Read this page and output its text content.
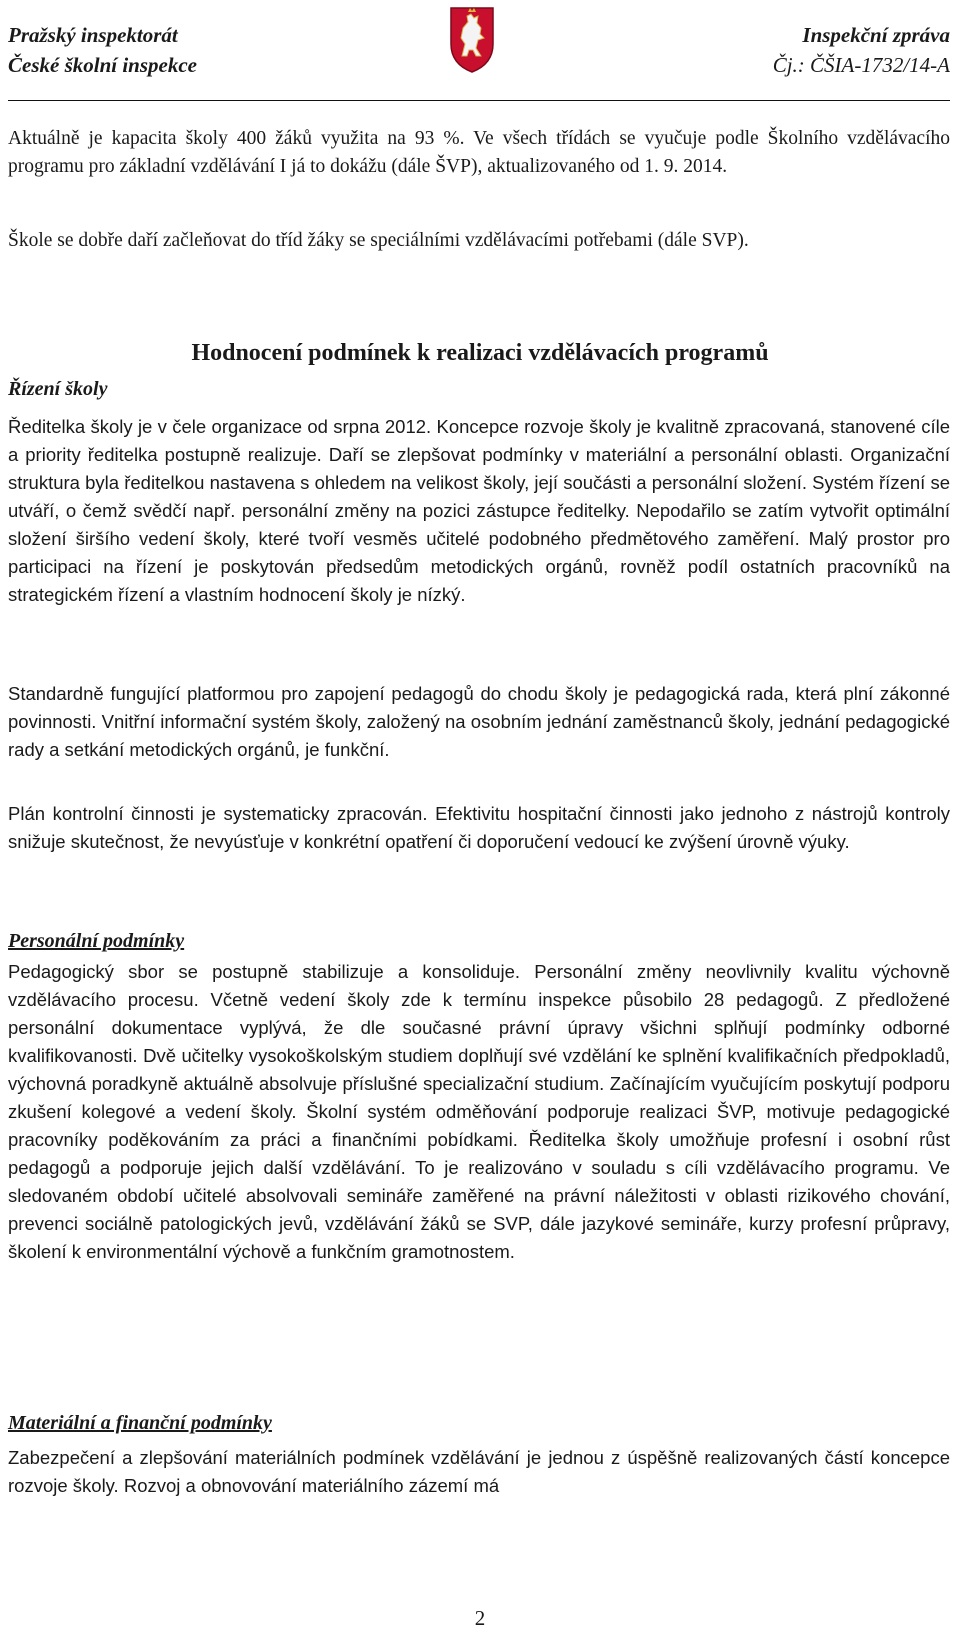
Pražský inspektorát
České školní inspekce
Inspekční zpráva
Čj.: ČŠIA-1732/14-A

Aktuálně je kapacita školy 400 žáků využita na 93 %. Ve všech třídách se vyučuje podle Školního vzdělávacího programu pro základní vzdělávání I já to dokážu (dále ŠVP), aktualizovaného od 1. 9. 2014.

Škole se dobře daří začleňovat do tříd žáky se speciálními vzdělávacími potřebami (dále SVP).

Hodnocení podmínek k realizaci vzdělávacích programů
Řízení školy

Ředitelka školy je v čele organizace od srpna 2012. Koncepce rozvoje školy je kvalitně zpracovaná, stanovené cíle a priority ředitelka postupně realizuje. Daří se zlepšovat podmínky v materiální a personální oblasti. Organizační struktura byla ředitelkou nastavena s ohledem na velikost školy, její součásti a personální složení. Systém řízení se utváří, o čemž svědčí např. personální změny na pozici zástupce ředitelky. Nepodařilo se zatím vytvořit optimální složení širšího vedení školy, které tvoří vesměs učitelé podobného předmětového zaměření. Malý prostor pro participaci na řízení je poskytován předsedům metodických orgánů, rovněž podíl ostatních pracovníků na strategickém řízení a vlastním hodnocení školy je nízký.

Standardně fungující platformou pro zapojení pedagogů do chodu školy je pedagogická rada, která plní zákonné povinnosti. Vnitřní informační systém školy, založený na osobním jednání zaměstnanců školy, jednání pedagogické rady a setkání metodických orgánů, je funkční.

Plán kontrolní činnosti je systematicky zpracován. Efektivitu hospitační činnosti jako jednoho z nástrojů kontroly snižuje skutečnost, že nevyúsťuje v konkrétní opatření či doporučení vedoucí ke zvýšení úrovně výuky.

Personální podmínky

Pedagogický sbor se postupně stabilizuje a konsoliduje. Personální změny neovlivnily kvalitu výchovně vzdělávacího procesu. Včetně vedení školy zde k termínu inspekce působilo 28 pedagogů. Z předložené personální dokumentace vyplývá, že dle současné právní úpravy všichni splňují podmínky odborné kvalifikovanosti. Dvě učitelky vysokoškolským studiem doplňují své vzdělání ke splnění kvalifikačních předpokladů, výchovná poradkyně aktuálně absolvuje příslušné specializační studium. Začínajícím vyučujícím poskytují podporu zkušení kolegové a vedení školy. Školní systém odměňování podporuje realizaci ŠVP, motivuje pedagogické pracovníky poděkováním za práci a finančními pobídkami. Ředitelka školy umožňuje profesní i osobní růst pedagogů a podporuje jejich další vzdělávání. To je realizováno v souladu s cíli vzdělávacího programu. Ve sledovaném období učitelé absolvovali semináře zaměřené na právní náležitosti v oblasti rizikového chování, prevenci sociálně patologických jevů, vzdělávání žáků se SVP, dále jazykové semináře, kurzy profesní průpravy, školení k environmentální výchově a funkčním gramotnostem.

Materiální a finanční podmínky

Zabezpečení a zlepšování materiálních podmínek vzdělávání je jednou z úspěšně realizovaných částí koncepce rozvoje školy. Rozvoj a obnovování materiálního zázemí má

2
